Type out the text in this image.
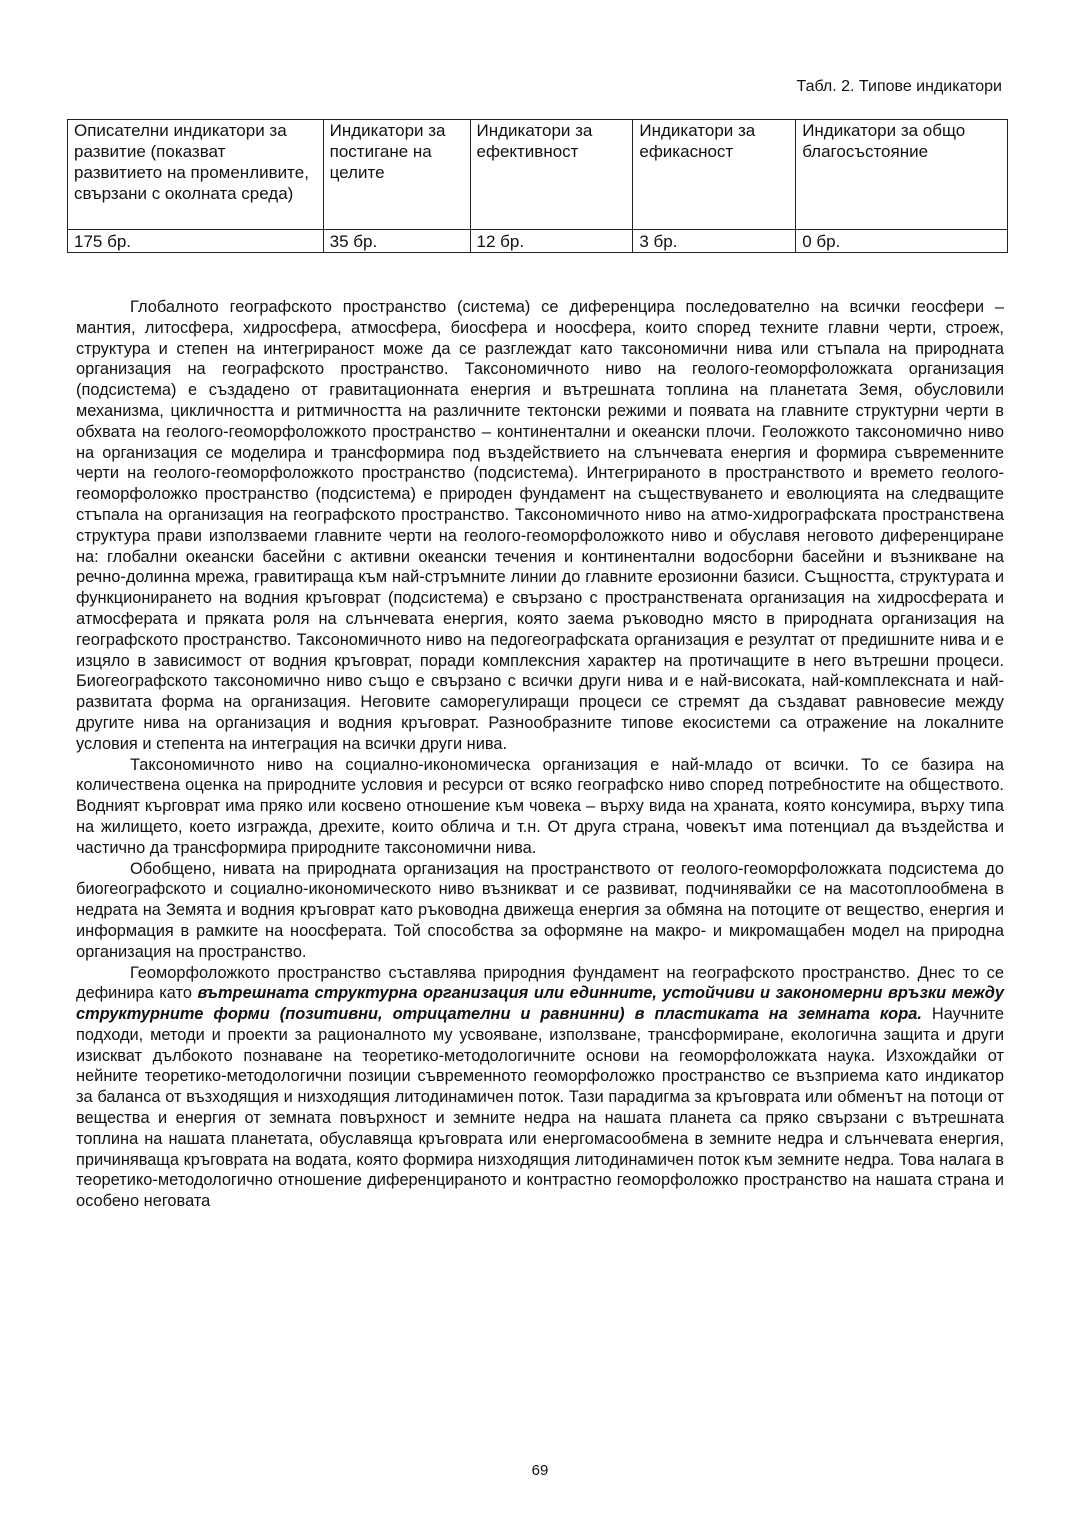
Табл. 2. Типове индикатори
Описателни индикатори за развитие (показват развитието на променливите, свързани с околната среда)	Индикатори за постигане на целите	Индикатори за ефективност	Индикатори за ефикасност	Индикатори за общо благосъстояние
175 бр.	35 бр.	12 бр.	3 бр.	0 бр.

Глобалното географското пространство (система) се диференцира последователно на всички геосфери – мантия, литосфера, хидросфера, атмосфера, биосфера и ноосфера, които според техните главни черти, строеж, структура и степен на интегрираност може да се разглеждат като таксономични нива или стъпала на природната организация на географското пространство. Таксономичното ниво на геолого-геоморфоложката организация (подсистема) е създадено от гравитационната енергия и вътрешната топлина на планетата Земя, обусловили механизма, цикличността и ритмичността на различните тектонски режими и появата на главните структурни черти в обхвата на геолого-геоморфоложкото пространство – континентални и океански плочи. Геоложкото таксономично ниво на организация се моделира и трансформира под въздействието на слънчевата енергия и формира съвременните черти на геолого-геоморфоложкото пространство (подсистема). Интегрираното в пространството и времето геолого-геоморфоложко пространство (подсистема) е природен фундамент на съществуването и еволюцията на следващите стъпала на организация на географското пространство. Таксономичното ниво на атмо-хидрографската пространствена структура прави използваеми главните черти на геолого-геоморфоложкото ниво и обуславя неговото диференциране на: глобални океански басейни с активни океански течения и континентални водосборни басейни и възникване на речно-долинна мрежа, гравитираща към най-стръмните линии до главните ерозионни базиси. Същността, структурата и функционирането на водния кръговрат (подсистема) е свързано с пространствената организация на хидросферата и атмосферата и пряката роля на слънчевата енергия, която заема ръководно място в природната организация на географското пространство. Таксономичното ниво на педогеографската организация е резултат от предишните нива и е изцяло в зависимост от водния кръговрат, поради комплексния характер на протичащите в него вътрешни процеси. Биогеографското таксономично ниво също е свързано с всички други нива и е най-високата, най-комплексната и най-развитата форма на организация. Неговите саморегулиращи процеси се стремят да създават равновесие между другите нива на организация и водния кръговрат. Разнообразните типове екосистеми са отражение на локалните условия и степента на интеграция на всички други нива.

Таксономичното ниво на социално-икономическа организация е най-младо от всички. То се базира на количествена оценка на природните условия и ресурси от всяко географско ниво според потребностите на обществото. Водният кърговрат има пряко или косвено отношение към човека – върху вида на храната, която консумира, върху типа на жилището, което изгражда, дрехите, които облича и т.н. От друга страна, човекът има потенциал да въздейства и частично да трансформира природните таксономични нива.

Обобщено, нивата на природната организация на пространството от геолого-геоморфоложката подсистема до биогеографското и социално-икономическото ниво възникват и се развиват, подчинявайки се на масотоплообмена в недрата на Земята и водния кръговрат като ръководна движеща енергия за обмяна на потоците от вещество, енергия и информация в рамките на ноосферата. Той способства за оформяне на макро- и микромащабен модел на природна организация на пространство.

Геоморфоложкото пространство съставлява природния фундамент на географското пространство. Днес то се дефинира като вътрешната структурна организация или единните, устойчиви и закономерни връзки между структурните форми (позитивни, отрицателни и равнинни) в пластиката на земната кора. Научните подходи, методи и проекти за рационалното му усвояване, използване, трансформиране, екологична защита и други изискват дълбокото познаване на теоретико-методологичните основи на геоморфоложката наука. Изхождайки от нейните теоретико-методологични позиции съвременното геоморфоложко пространство се възприема като индикатор за баланса от възходящия и низходящия литодинамичен поток. Тази парадигма за кръговрата или обменът на потоци от веществa и енергия от земната повърхност и земните недра на нашата планета са пряко свързани с вътрешната топлина на нашата планетата, обуславяща кръговрата или енергомасообмена в земните недра и слънчевата енергия, причиняваща кръговрата на водата, която формира низходящия литодинамичен поток към земните недра. Това налага в теоретико-методологично отношение диференцираното и контрастно геоморфоложко пространство на нашата страна и особено неговата

69
